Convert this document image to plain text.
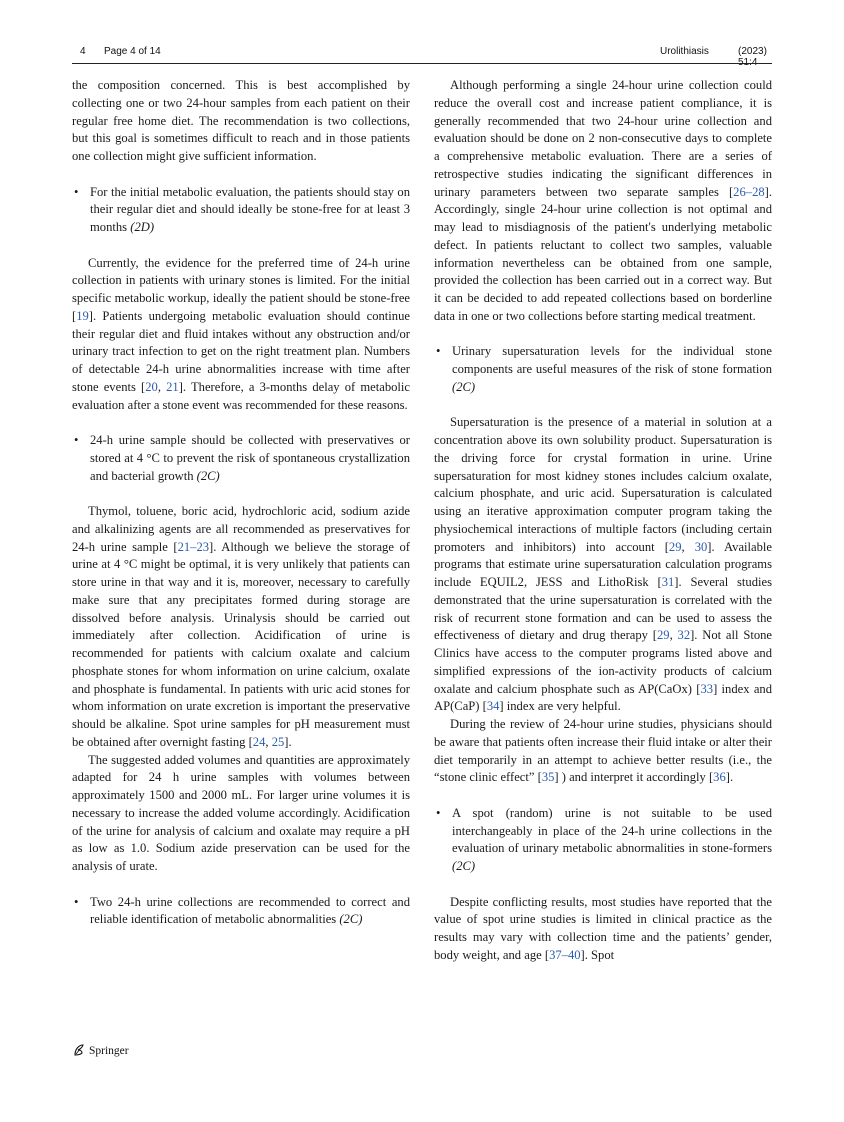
4 Page 4 of 14	Urolithiasis	(2023)

the composition concerned. This is best accomplished by collecting one or two 24-hour samples from each patient on their regular free home diet. The recommendation is two collections, but this goal is sometimes difficult to reach and in those patients one collection might give sufficient information.

• For the initial metabolic evaluation, the patients should stay on their regular diet and should ideally be stone-free for at least 3 months (2D)

Currently, the evidence for the preferred time of 24-h urine collection in patients with urinary stones is limited. For the initial specific metabolic workup, ideally the patient should be stone-free [19]. Patients undergoing metabolic evaluation should continue their regular diet and fluid intakes without any obstruction and/or urinary tract infection to get on the right treatment plan. Numbers of detectable 24-h urine abnormalities increase with time after stone events [20, 21]. Therefore, a 3-months delay of metabolic evaluation after a stone event was recommended for these reasons.

• 24-h urine sample should be collected with preservatives or stored at 4 °C to prevent the risk of spontaneous crystallization and bacterial growth (2C)

Thymol, toluene, boric acid, hydrochloric acid, sodium azide and alkalinizing agents are all recommended as preservatives for 24-h urine sample [21–23]. Although we believe the storage of urine at 4 °C might be optimal, it is very unlikely that patients can store urine in that way and it is, moreover, necessary to carefully make sure that any precipitates formed during storage are dissolved before analysis. Urinalysis should be carried out immediately after collection. Acidification of urine is recommended for patients with calcium oxalate and calcium phosphate stones for whom information on urine calcium, oxalate and phosphate is fundamental. In patients with uric acid stones for whom information on urate excretion is important the preservative should be alkaline. Spot urine samples for pH measurement must be obtained after overnight fasting [24, 25].

The suggested added volumes and quantities are approximately adapted for 24 h urine samples with volumes between approximately 1500 and 2000 mL. For larger urine volumes it is necessary to increase the added volume accordingly. Acidification of the urine for analysis of calcium and oxalate may require a pH as low as 1.0. Sodium azide preservation can be used for the analysis of urate.

• Two 24-h urine collections are recommended to correct and reliable identification of metabolic abnormalities (2C)

Although performing a single 24-hour urine collection could reduce the overall cost and increase patient compliance, it is generally recommended that two 24-hour urine collection and evaluation should be done on 2 non-consecutive days to complete a comprehensive metabolic evaluation. There are a series of retrospective studies indicating the significant differences in urinary parameters between two separate samples [26–28]. Accordingly, single 24-hour urine collection is not optimal and may lead to misdiagnosis of the patient's underlying metabolic defect. In patients reluctant to collect two samples, valuable information nevertheless can be obtained from one sample, provided the collection has been carried out in a correct way. But it can be decided to add repeated collections based on borderline data in one or two collections before starting medical treatment.

• Urinary supersaturation levels for the individual stone components are useful measures of the risk of stone formation (2C)

Supersaturation is the presence of a material in solution at a concentration above its own solubility product. Supersaturation is the driving force for crystal formation in urine. Urine supersaturation for most kidney stones includes calcium oxalate, calcium phosphate, and uric acid. Supersaturation is calculated using an iterative approximation computer program taking the physiochemical interactions of multiple factors (including certain promoters and inhibitors) into account [29, 30]. Available programs that estimate urine supersaturation calculation programs include EQUIL2, JESS and LithoRisk [31]. Several studies demonstrated that the urine supersaturation is correlated with the risk of recurrent stone formation and can be used to assess the effectiveness of dietary and drug therapy [29, 32]. Not all Stone Clinics have access to the computer programs listed above and simplified expressions of the ion-activity products of calcium oxalate and calcium phosphate such as AP(CaOx) [33] index and AP(CaP) [34] index are very helpful.

During the review of 24-hour urine studies, physicians should be aware that patients often increase their fluid intake or alter their diet temporarily in an attempt to achieve better results (i.e., the “stone clinic effect” [35] ) and interpret it accordingly [36].

• A spot (random) urine is not suitable to be used interchangeably in place of the 24-h urine collections in the evaluation of urinary metabolic abnormalities in stone-formers (2C)

Despite conflicting results, most studies have reported that the value of spot urine studies is limited in clinical practice as the results may vary with collection time and the patients’ gender, body weight, and age [37–40]. Spot

Springer
